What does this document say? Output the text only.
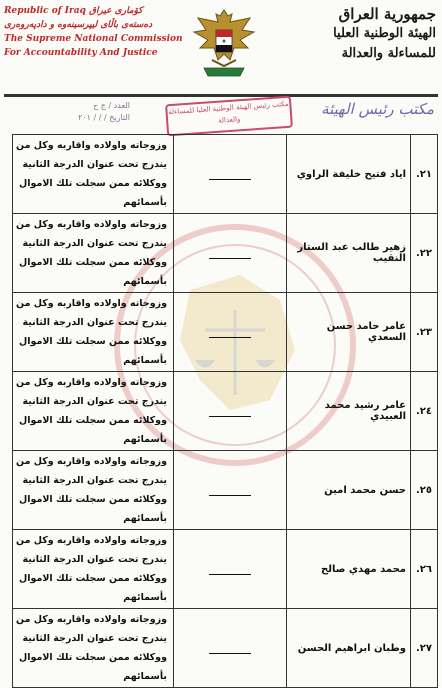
Republic of Iraq كۆماری عیراق
دەستەی باڵای لیپرسینەوە و دادپەروەری
The Supreme National Commission
For Accountability And Justice
جمهورية العراق
الهيئة الوطنية العليا
للمساءلة والعدالة
العدد / ج ح
التاريخ / / / ٢٠١
مكتب رئيس الهيئة الوطنية العليا للمساءلة والعدالة
مكتب رئيس الهيئة
٢١.	اياد فتيح خليفة الراوي		وزوجاته واولاده واقاربه وكل من يندرج تحت عنوان الدرجة الثانية ووكلائه ممن سجلت تلك الاموال بأسمائهم
٢٢.	زهير طالب عبد الستار النقيب		وزوجاته واولاده واقاربه وكل من يندرج تحت عنوان الدرجة الثانية ووكلائه ممن سجلت تلك الاموال بأسمائهم
٢٣.	عامر حامد حسن السعدي		وزوجاته واولاده واقاربه وكل من يندرج تحت عنوان الدرجة الثانية ووكلائه ممن سجلت تلك الاموال بأسمائهم
٢٤.	عامر رشيد محمد العبيدي		وزوجاته واولاده واقاربه وكل من يندرج تحت عنوان الدرجة الثانية ووكلائه ممن سجلت تلك الاموال بأسمائهم
٢٥.	حسن محمد امين		وزوجاته واولاده واقاربه وكل من يندرج تحت عنوان الدرجة الثانية ووكلائه ممن سجلت تلك الاموال بأسمائهم
٢٦.	محمد مهدي صالح		وزوجاته واولاده واقاربه وكل من يندرج تحت عنوان الدرجة الثانية ووكلائه ممن سجلت تلك الاموال بأسمائهم
٢٧.	وطبان ابراهيم الحسن		وزوجاته واولاده واقاربه وكل من يندرج تحت عنوان الدرجة الثانية ووكلائه ممن سجلت تلك الاموال بأسمائهم
